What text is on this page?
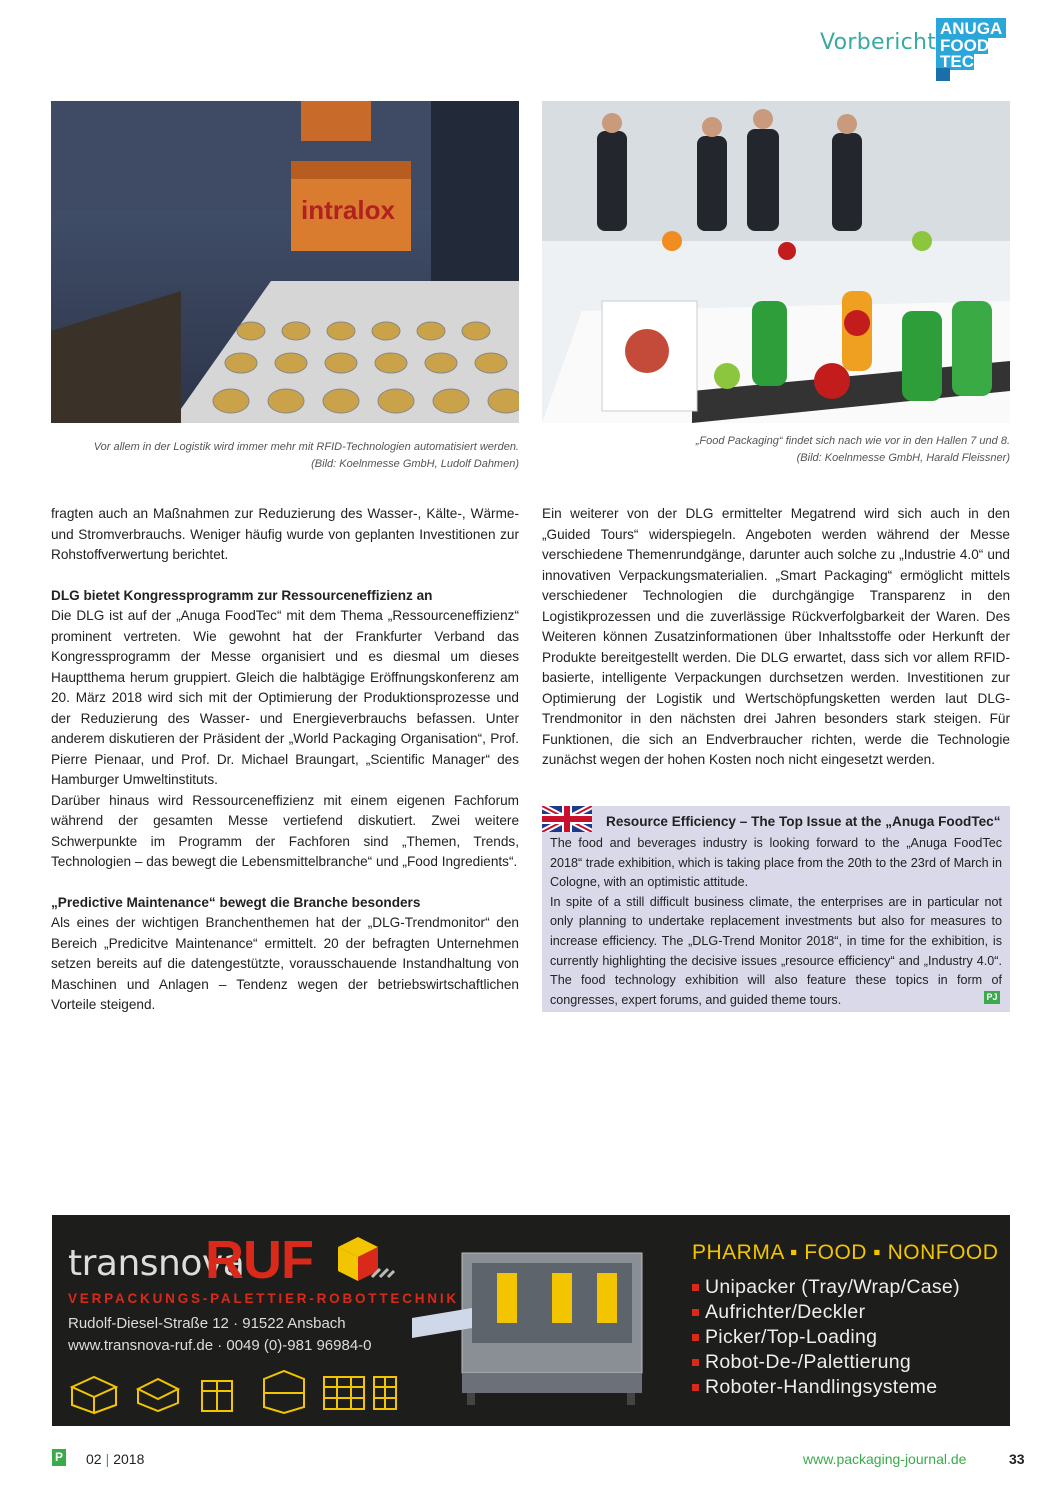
Vorbericht
ANUGA
FOOD
TEC
intralox
Vor allem in der Logistik wird immer mehr mit RFID-Technologien automatisiert werden.
(Bild: Koelnmesse GmbH, Ludolf Dahmen)
„Food Packaging“ findet sich nach wie vor in den Hallen 7 und 8.
(Bild: Koelnmesse GmbH, Harald Fleissner)

fragten auch an Maßnahmen zur Reduzierung des Wasser-, Kälte-, Wärme- und Stromverbrauchs. Weniger häufig wurde von geplanten Investitionen zur Rohstoffverwertung berichtet.

DLG bietet Kongressprogramm zur Ressourceneffizienz an

Die DLG ist auf der „Anuga FoodTec“ mit dem Thema „Ressourceneffizienz“ prominent vertreten. Wie gewohnt hat der Frankfurter Verband das Kongressprogramm der Messe organisiert und es diesmal um dieses Hauptthema herum gruppiert. Gleich die halbtägige Eröffnungskonferenz am 20. März 2018 wird sich mit der Optimierung der Produktionsprozesse und der Reduzierung des Wasser- und Energieverbrauchs befassen. Unter anderem diskutieren der Präsident der „World Packaging Organisation“, Prof. Pierre Pienaar, und Prof. Dr. Michael Braungart, „Scientific Manager“ des Hamburger Umweltinstituts.

Darüber hinaus wird Ressourceneffizienz mit einem eigenen Fachforum während der gesamten Messe vertiefend diskutiert. Zwei weitere Schwerpunkte im Programm der Fachforen sind „Themen, Trends, Technologien – das bewegt die Lebensmittelbranche“ und „Food Ingredients“.

„Predictive Maintenance“ bewegt die Branche besonders

Als eines der wichtigen Branchenthemen hat der „DLG-Trendmonitor“ den Bereich „Predicitve Maintenance“ ermittelt. 20 der befragten Unternehmen setzen bereits auf die datengestützte, vorausschauende Instandhaltung von Maschinen und Anlagen – Tendenz wegen der betriebswirtschaftlichen Vorteile steigend.

Ein weiterer von der DLG ermittelter Megatrend wird sich auch in den „Guided Tours“ widerspiegeln. Angeboten werden während der Messe verschiedene Themenrundgänge, darunter auch solche zu „Industrie 4.0“ und innovativen Verpackungsmaterialien. „Smart Packaging“ ermöglicht mittels verschiedener Technologien die durchgängige Transparenz in den Logistikprozessen und die zuverlässige Rückverfolgbarkeit der Waren. Des Weiteren können Zusatzinformationen über Inhaltsstoffe oder Herkunft der Produkte bereitgestellt werden. Die DLG erwartet, dass sich vor allem RFID-basierte, intelligente Verpackungen durchsetzen werden. Investitionen zur Optimierung der Logistik und Wertschöpfungsketten werden laut DLG-Trendmonitor in den nächsten drei Jahren besonders stark steigen. Für Funktionen, die sich an Endverbraucher richten, werde die Technologie zunächst wegen der hohen Kosten noch nicht eingesetzt werden.

Resource Efficiency – The Top Issue at the „Anuga FoodTec“

The food and beverages industry is looking forward to the „Anuga FoodTec 2018“ trade exhibition, which is taking place from the 20th to the 23rd of March in Cologne, with an optimistic attitude.

In spite of a still difficult business climate, the enterprises are in particular not only planning to undertake replacement investments but also for measures to increase efficiency. The „DLG-Trend Monitor 2018“, in time for the exhibition, is currently highlighting the decisive issues „resource efficiency“ and „Industry 4.0“. The food technology exhibition will also feature these topics in form of congresses, expert forums, and guided theme tours.	PJ
transnova
RUF
VERPACKUNGS-PALETTIER-ROBOTTECHNIK
Rudolf-Diesel-Straße 12 · 91522 Ansbach
www.transnova-ruf.de · 0049 (0)-981 96984-0
PHARMA ▪ FOOD ▪ NONFOOD
Unipacker (Tray/Wrap/Case)
Aufrichter/Deckler
Picker/Top-Loading
Robot-De-/Palettierung
Roboter-Handlingsysteme
P 02 | 2018	www.packaging-journal.de	33
